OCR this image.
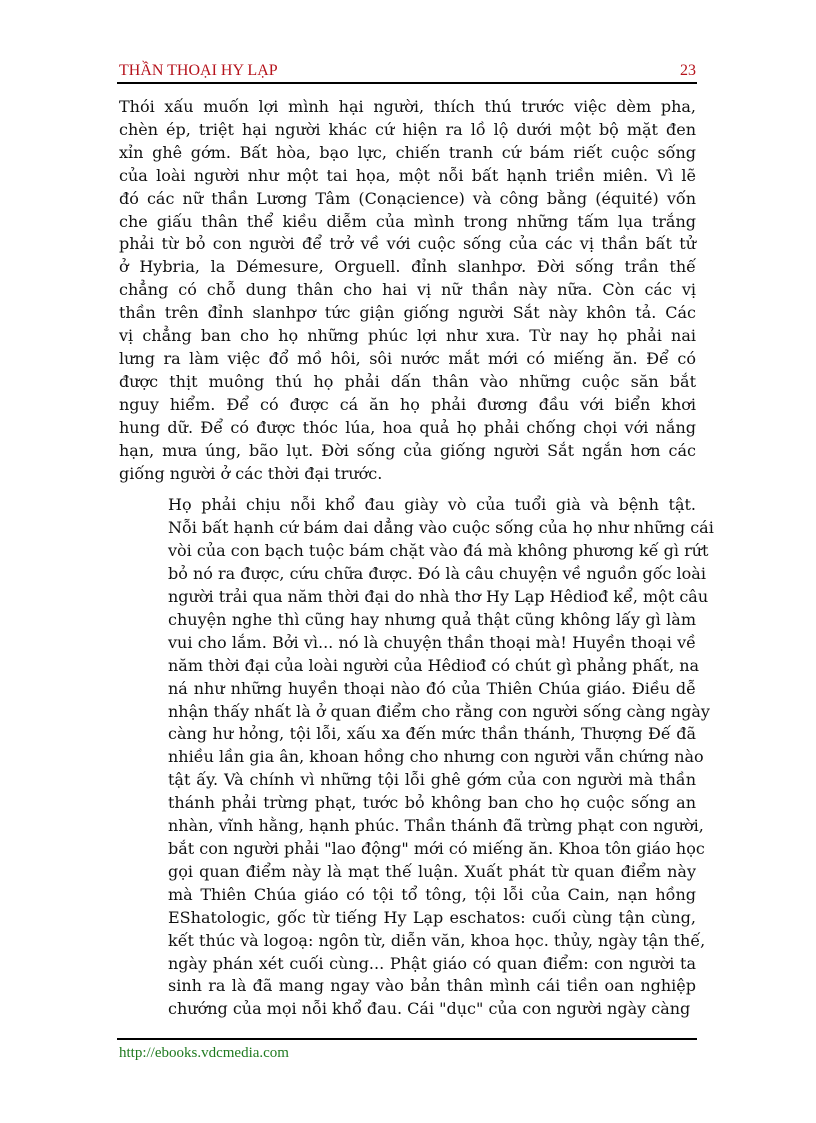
THẦN THOẠI HY LẠP	23

Thói xấu muốn lợi mình hại người, thích thú trước việc dèm pha,
chèn ép, triệt hại người khác cứ hiện ra lồ lộ dưới một bộ mặt đen
xỉn ghê gớm. Bất hòa, bạo lực, chiến tranh cứ bám riết cuộc sống
của loài người như một tai họa, một nỗi bất hạnh triền miên. Vì lẽ
đó các nữ thần Lương Tâm (Conạcience) và công bằng (équité) vốn
che giấu thân thể kiều diễm của mình trong những tấm lụa trắng
phải từ bỏ con người để trở về với cuộc sống của các vị thần bất tử
ở Hybria, la Démesure, Orguell. đỉnh slanhpơ. Đời sống trần thế
chẳng có chỗ dung thân cho hai vị nữ thần này nữa. Còn các vị
thần trên đỉnh slanhpơ tức giận giống người Sắt này khôn tả. Các
vị chẳng ban cho họ những phúc lợi như xưa. Từ nay họ phải nai
lưng ra làm việc đổ mồ hôi, sôi nước mắt mới có miếng ăn. Để có
được thịt muông thú họ phải dấn thân vào những cuộc săn bắt
nguy hiểm. Để có được cá ăn họ phải đương đầu với biển khơi
hung dữ. Để có được thóc lúa, hoa quả họ phải chống chọi với nắng
hạn, mưa úng, bão lụt. Đời sống của giống người Sắt ngắn hơn các
giống người ở các thời đại trước.

Họ phải chịu nỗi khổ đau giày vò của tuổi già và bệnh tật.
Nỗi bất hạnh cứ bám dai dẳng vào cuộc sống của họ như những cái
vòi của con bạch tuộc bám chặt vào đá mà không phương kế gì rứt
bỏ nó ra được, cứu chữa được. Đó là câu chuyện về nguồn gốc loài
người trải qua năm thời đại do nhà thơ Hy Lạp Hêdiođ kể, một câu
chuyện nghe thì cũng hay nhưng quả thật cũng không lấy gì làm
vui cho lắm. Bởi vì... nó là chuyện thần thoại mà! Huyền thoại về
năm thời đại của loài người của Hêdiođ có chút gì phảng phất, na
ná như những huyền thoại nào đó của Thiên Chúa giáo. Điều dễ
nhận thấy nhất là ở quan điểm cho rằng con người sống càng ngày
càng hư hỏng, tội lỗi, xấu xa đến mức thần thánh, Thượng Đế đã
nhiều lần gia ân, khoan hồng cho nhưng con người vẫn chứng nào
tật ấy. Và chính vì những tội lỗi ghê gớm của con người mà thần
thánh phải trừng phạt, tước bỏ không ban cho họ cuộc sống an
nhàn, vĩnh hằng, hạnh phúc. Thần thánh đã trừng phạt con người,
bắt con người phải "lao động" mới có miếng ăn. Khoa tôn giáo học
gọi quan điểm này là mạt thế luận. Xuất phát từ quan điểm này
mà Thiên Chúa giáo có tội tổ tông, tội lỗi của Cain, nạn hồng
EShatologic, gốc từ tiếng Hy Lạp eschatos: cuối cùng tận cùng,
kết thúc và logoạ: ngôn từ, diễn văn, khoa học. thủy, ngày tận thế,
ngày phán xét cuối cùng... Phật giáo có quan điểm: con người ta
sinh ra là đã mang ngay vào bản thân mình cái tiền oan nghiệp
chướng của mọi nỗi khổ đau. Cái "dục" của con người ngày càng

http://ebooks.vdcmedia.com
